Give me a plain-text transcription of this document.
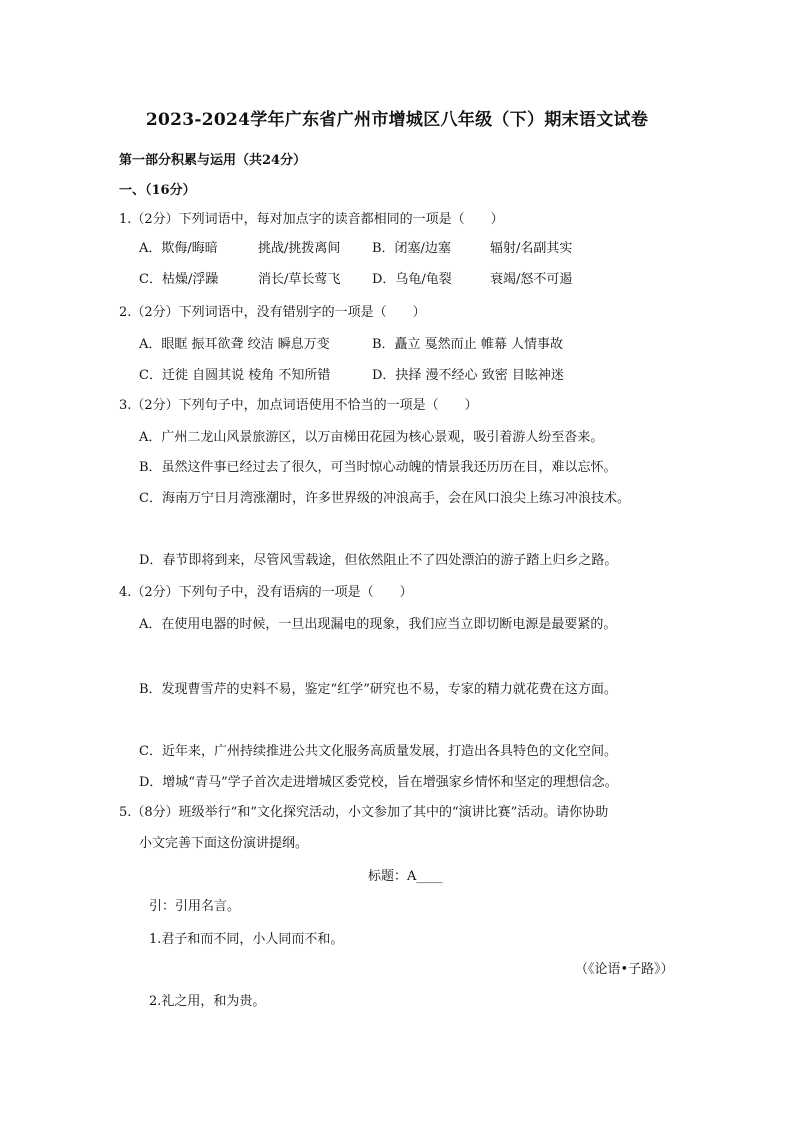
2023-2024学年广东省广州市增城区八年级（下）期末语文试卷
第一部分积累与运用（共24分）
一、（16分）
1.（2分）下列词语中，每对加点字的读音都相同的一项是（　　）
A．欺侮/晦暗	挑战/挑拨离间 B．闭塞/边塞	辐射/名副其实
C．枯燥/浮躁	消长/草长莺飞 D．乌龟/龟裂	衰竭/怒不可遏
2.（2分）下列词语中，没有错别字的一项是（　　）
A．眼眶 振耳欲聋 绞洁 瞬息万变	B．矗立 戛然而止 帷幕 人情事故
C．迁徙 自圆其说 棱角 不知所错	D．抉择 漫不经心 致密 目眩神迷
3.（2分）下列句子中，加点词语使用不恰当的一项是（　　）
A．广州二龙山风景旅游区，以万亩梯田花园为核心景观，吸引着游人纷至沓来。
B．虽然这件事已经过去了很久，可当时惊心动魄的情景我还历历在目，难以忘怀。
C．海南万宁日月湾涨潮时，许多世界级的冲浪高手，会在风口浪尖上练习冲浪技术。
D．春节即将到来，尽管风雪载途，但依然阻止不了四处漂泊的游子踏上归乡之路。
4.（2分）下列句子中，没有语病的一项是（　　）
A．在使用电器的时候，一旦出现漏电的现象，我们应当立即切断电源是最要紧的。
B．发现曹雪芹的史料不易，鉴定“红学”研究也不易，专家的精力就花费在这方面。
C．近年来，广州持续推进公共文化服务高质量发展，打造出各具特色的文化空间。
D．增城“青马”学子首次走进增城区委党校，旨在增强家乡情怀和坚定的理想信念。
5.（8分）班级举行“和”文化探究活动，小文参加了其中的“演讲比赛”活动。请你协助
小文完善下面这份演讲提纲。
标题：A____
引：引用名言。
1.君子和而不同，小人同而不和。
（《论语•子路》）
2.礼之用，和为贵。
